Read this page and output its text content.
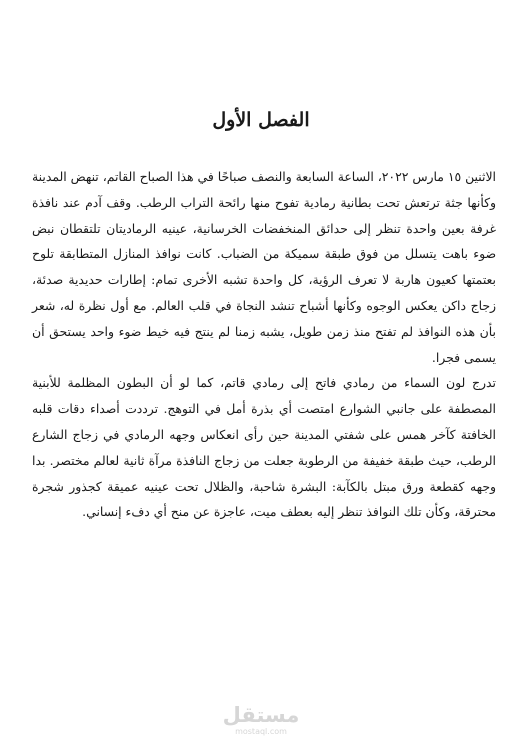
الفصل الأول

الاثنين ١٥ مارس ٢٠٢٢، الساعة السابعة والنصف صباحًا في هذا الصباح القاتم، تنهض المدينة وكأنها جثة ترتعش تحت بطانية رمادية تفوح منها رائحة التراب الرطب. وقف آدم عند نافذة غرفة بعين واحدة تنظر إلى حدائق المنخفضات الخرسانية، عينيه الرماديتان تلتقطان نبض ضوء باهت يتسلل من فوق طبقة سميكة من الضباب. كانت نوافذ المنازل المتطابقة تلوح بعتمتها كعيون هاربة لا تعرف الرؤية، كل واحدة تشبه الأخرى تمام: إطارات حديدية صدئة، زجاج داكن يعكس الوجوه وكأنها أشباح تنشد النجاة في قلب العالم. مع أول نظرة له، شعر بأن هذه النوافذ لم تفتح منذ زمن طويل، يشبه زمنا لم ينتج فيه خيط ضوء واحد يستحق أن يسمى فجرا.

تدرج لون السماء من رمادي فاتح إلى رمادي قاتم، كما لو أن البطون المظلمة للأبنية المصطفة على جانبي الشوارع امتصت أي بذرة أمل في التوهج. ترددت أصداء دقات قلبه الخافتة كآخر همس على شفتي المدينة حين رأى انعكاس وجهه الرمادي في زجاج الشارع الرطب، حيث طبقة خفيفة من الرطوبة جعلت من زجاج النافذة مرآة ثانية لعالم مختصر. بدا وجهه كقطعة ورق مبتل بالكآبة: البشرة شاحبة، والظلال تحت عينيه عميقة كجذور شجرة محترقة، وكأن تلك النوافذ تنظر إليه بعطف ميت، عاجزة عن منح أي دفء إنساني.

مستقل
mostaql.com
